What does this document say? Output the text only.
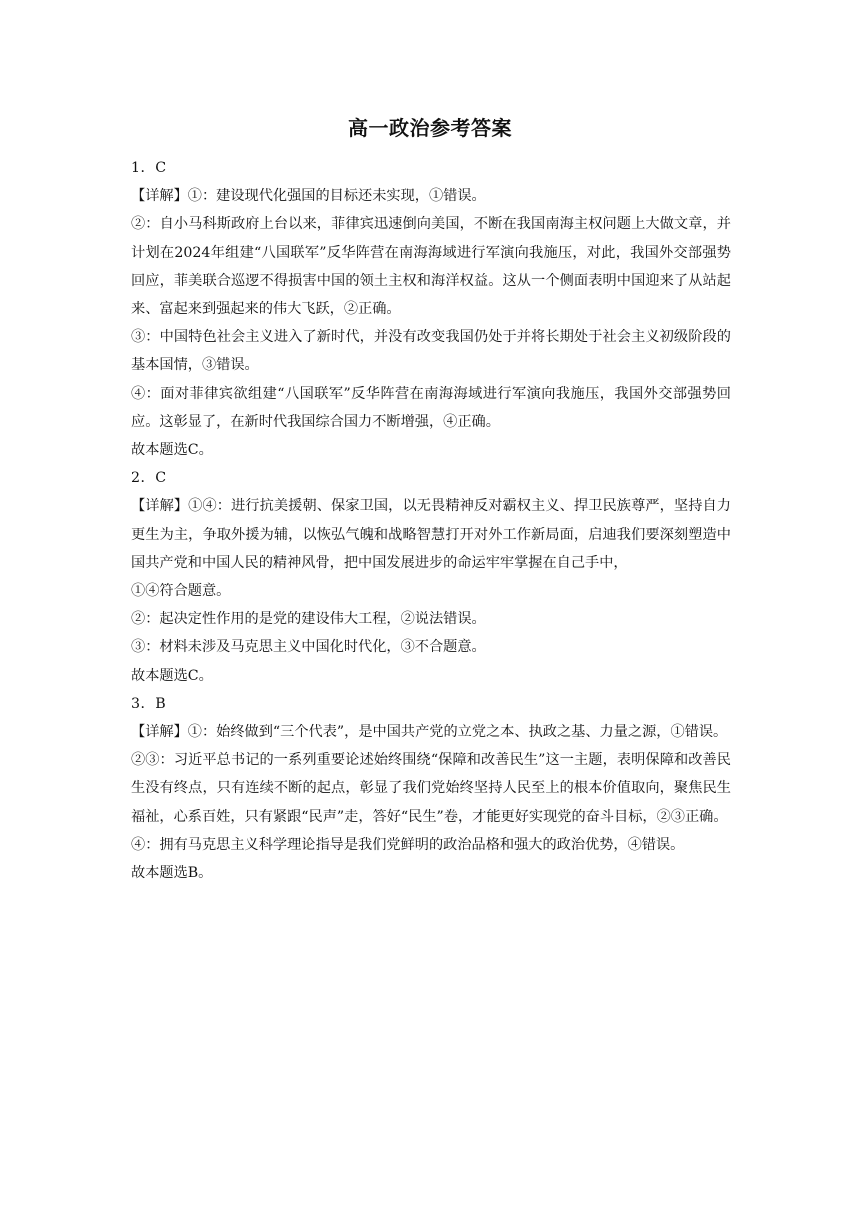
高一政治参考答案

1．C

【详解】①：建设现代化强国的目标还未实现，①错误。

②：自小马科斯政府上台以来，菲律宾迅速倒向美国，不断在我国南海主权问题上大做文章，并计划在2024年组建“八国联军”反华阵营在南海海域进行军演向我施压，对此，我国外交部强势回应，菲美联合巡逻不得损害中国的领土主权和海洋权益。这从一个侧面表明中国迎来了从站起来、富起来到强起来的伟大飞跃，②正确。

③：中国特色社会主义进入了新时代，并没有改变我国仍处于并将长期处于社会主义初级阶段的基本国情，③错误。

④：面对菲律宾欲组建“八国联军”反华阵营在南海海域进行军演向我施压，我国外交部强势回应。这彰显了，在新时代我国综合国力不断增强，④正确。

故本题选C。

2．C

【详解】①④：进行抗美援朝、保家卫国，以无畏精神反对霸权主义、捍卫民族尊严，坚持自力更生为主，争取外援为辅，以恢弘气魄和战略智慧打开对外工作新局面，启迪我们要深刻塑造中国共产党和中国人民的精神风骨，把中国发展进步的命运牢牢掌握在自己手中，

①④符合题意。

②：起决定性作用的是党的建设伟大工程，②说法错误。

③：材料未涉及马克思主义中国化时代化，③不合题意。

故本题选C。

3．B

【详解】①：始终做到“三个代表”，是中国共产党的立党之本、执政之基、力量之源，①错误。

②③：习近平总书记的一系列重要论述始终围绕“保障和改善民生”这一主题，表明保障和改善民生没有终点，只有连续不断的起点，彰显了我们党始终坚持人民至上的根本价值取向，聚焦民生福祉，心系百姓，只有紧跟“民声”走，答好“民生”卷，才能更好实现党的奋斗目标，②③正确。

④：拥有马克思主义科学理论指导是我们党鲜明的政治品格和强大的政治优势，④错误。

故本题选B。
